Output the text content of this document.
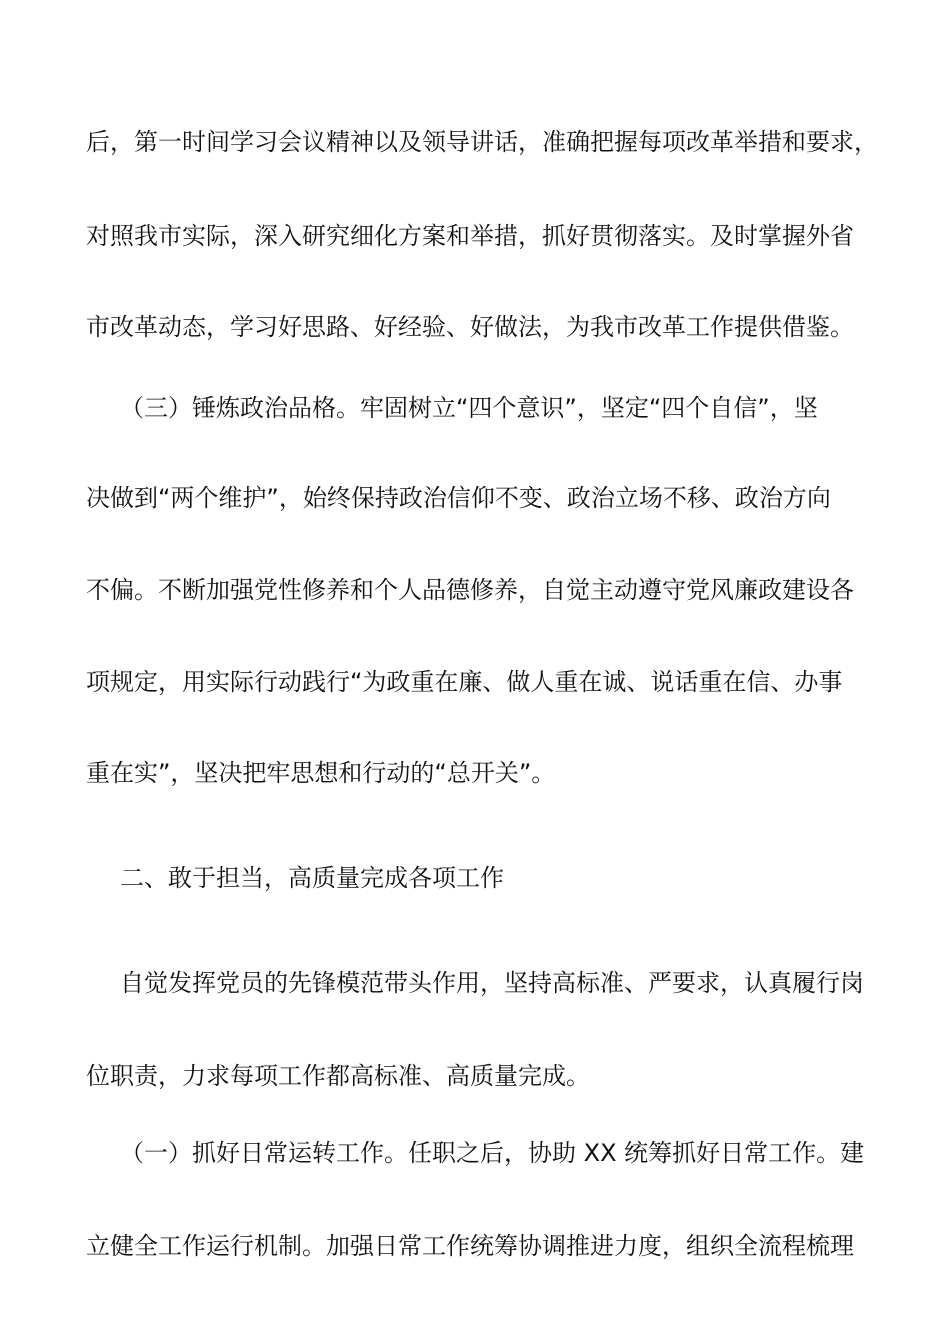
后，第一时间学习会议精神以及领导讲话，准确把握每项改革举措和要求，
对照我市实际，深入研究细化方案和举措，抓好贯彻落实。及时掌握外省
市改革动态，学习好思路、好经验、好做法，为我市改革工作提供借鉴。
（三）锤炼政治品格。牢固树立“四个意识”，坚定“四个自信”，坚
决做到“两个维护”，始终保持政治信仰不变、政治立场不移、政治方向
不偏。不断加强党性修养和个人品德修养，自觉主动遵守党风廉政建设各
项规定，用实际行动践行“为政重在廉、做人重在诚、说话重在信、办事
重在实”，坚决把牢思想和行动的“总开关”。
二、敢于担当，高质量完成各项工作
自觉发挥党员的先锋模范带头作用，坚持高标准、严要求，认真履行岗
位职责，力求每项工作都高标准、高质量完成。
（一）抓好日常运转工作。任职之后，协助 XX 统筹抓好日常工作。建
立健全工作运行机制。加强日常工作统筹协调推进力度，组织全流程梳理
